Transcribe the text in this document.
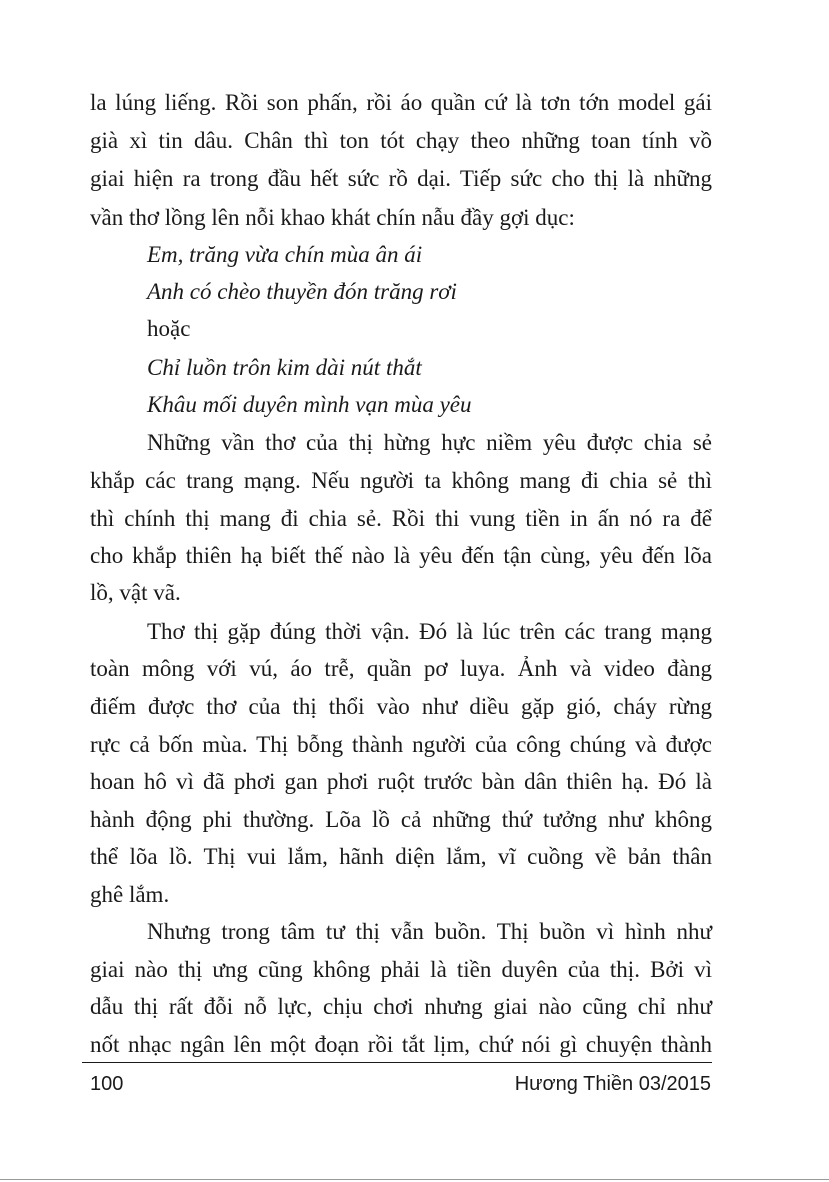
la lúng liếng. Rồi son phấn, rồi áo quần cứ là tơn tớn model gái
già xì tin dâu. Chân thì ton tót chạy theo những toan tính vồ
giai hiện ra trong đầu hết sức rồ dại. Tiếp sức cho thị là những
vần thơ lồng lên nỗi khao khát chín nẫu đầy gợi dục:
Em, trăng vừa chín mùa ân ái
Anh có chèo thuyền đón trăng rơi
hoặc
Chỉ luồn trôn kim dài nút thắt
Khâu mối duyên mình vạn mùa yêu
Những vần thơ của thị hừng hực niềm yêu được chia sẻ
khắp các trang mạng. Nếu người ta không mang đi chia sẻ thì
thì chính thị mang đi chia sẻ. Rồi thi vung tiền in ấn nó ra để
cho khắp thiên hạ biết thế nào là yêu đến tận cùng, yêu đến lõa
lồ, vật vã.
Thơ thị gặp đúng thời vận. Đó là lúc trên các trang mạng
toàn mông với vú, áo trễ, quần pơ luya. Ảnh và video đàng
điếm được thơ của thị thổi vào như diều gặp gió, cháy rừng
rực cả bốn mùa. Thị bỗng thành người của công chúng và được
hoan hô vì đã phơi gan phơi ruột trước bàn dân thiên hạ. Đó là
hành động phi thường. Lõa lồ cả những thứ tưởng như không
thể lõa lồ. Thị vui lắm, hãnh diện lắm, vĩ cuồng về bản thân
ghê lắm.
Nhưng trong tâm tư thị vẫn buồn. Thị buồn vì hình như
giai nào thị ưng cũng không phải là tiền duyên của thị. Bởi vì
dẫu thị rất đỗi nỗ lực, chịu chơi nhưng giai nào cũng chỉ như
nốt nhạc ngân lên một đoạn rồi tắt lịm, chứ nói gì chuyện thành
100	Hương Thiền 03/2015
